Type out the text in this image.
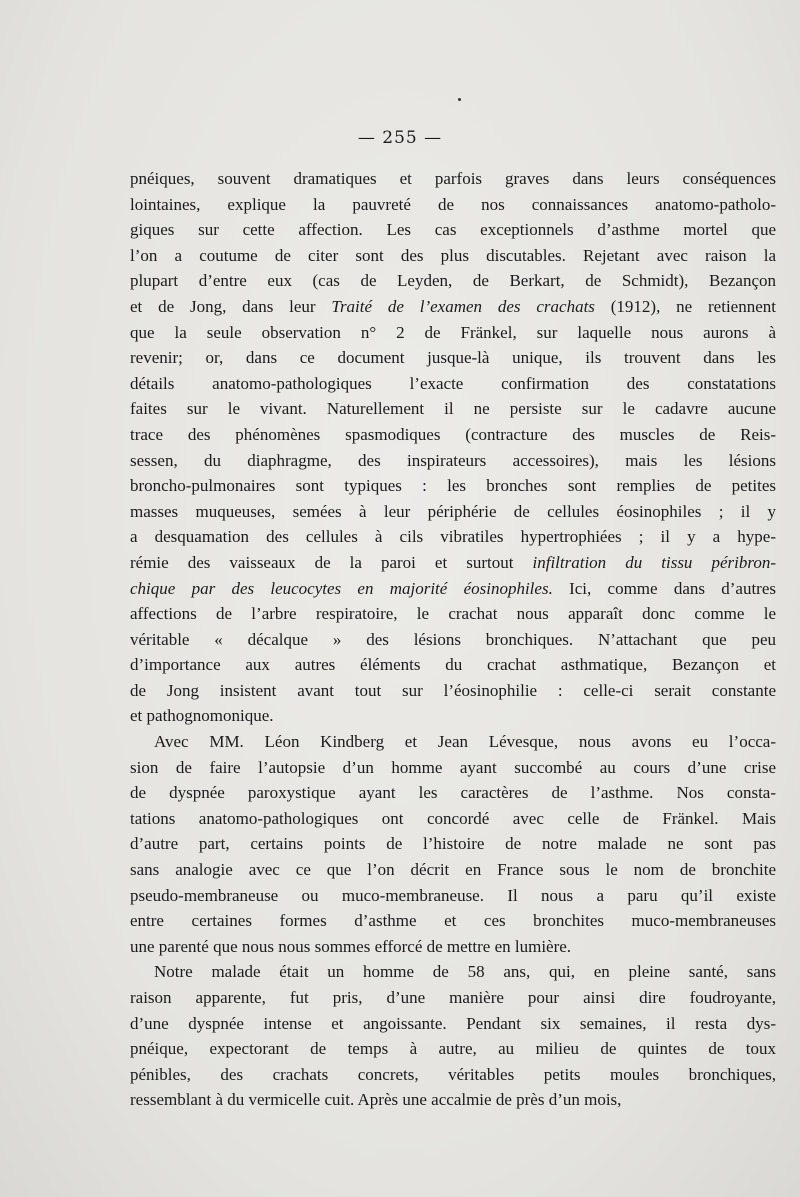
— 255 —
pnéiques, souvent dramatiques et parfois graves dans leurs conséquences
lointaines, explique la pauvreté de nos connaissances anatomo-patholo-
giques sur cette affection. Les cas exceptionnels d’asthme mortel que
l’on a coutume de citer sont des plus discutables. Rejetant avec raison la
plupart d’entre eux (cas de Leyden, de Berkart, de Schmidt), Bezançon
et de Jong, dans leur Traité de l’examen des crachats (1912), ne retiennent
que la seule observation n° 2 de Fränkel, sur laquelle nous aurons à
revenir; or, dans ce document jusque-là unique, ils trouvent dans les
détails anatomo-pathologiques l’exacte confirmation des constatations
faites sur le vivant. Naturellement il ne persiste sur le cadavre aucune
trace des phénomènes spasmodiques (contracture des muscles de Reis-
sessen, du diaphragme, des inspirateurs accessoires), mais les lésions
broncho-pulmonaires sont typiques : les bronches sont remplies de petites
masses muqueuses, semées à leur périphérie de cellules éosinophiles ; il y
a desquamation des cellules à cils vibratiles hypertrophiées ; il y a hype-
rémie des vaisseaux de la paroi et surtout infiltration du tissu péribron-
chique par des leucocytes en majorité éosinophiles. Ici, comme dans d’autres
affections de l’arbre respiratoire, le crachat nous apparaît donc comme le
véritable « décalque » des lésions bronchiques. N’attachant que peu
d’importance aux autres éléments du crachat asthmatique, Bezançon et
de Jong insistent avant tout sur l’éosinophilie : celle-ci serait constante
et pathognomonique.
Avec MM. Léon Kindberg et Jean Lévesque, nous avons eu l’occa-
sion de faire l’autopsie d’un homme ayant succombé au cours d’une crise
de dyspnée paroxystique ayant les caractères de l’asthme. Nos consta-
tations anatomo-pathologiques ont concordé avec celle de Fränkel. Mais
d’autre part, certains points de l’histoire de notre malade ne sont pas
sans analogie avec ce que l’on décrit en France sous le nom de bronchite
pseudo-membraneuse ou muco-membraneuse. Il nous a paru qu’il existe
entre certaines formes d’asthme et ces bronchites muco-membraneuses
une parenté que nous nous sommes efforcé de mettre en lumière.
Notre malade était un homme de 58 ans, qui, en pleine santé, sans
raison apparente, fut pris, d’une manière pour ainsi dire foudroyante,
d’une dyspnée intense et angoissante. Pendant six semaines, il resta dys-
pnéique, expectorant de temps à autre, au milieu de quintes de toux
pénibles, des crachats concrets, véritables petits moules bronchiques,
ressemblant à du vermicelle cuit. Après une accalmie de près d’un mois,
